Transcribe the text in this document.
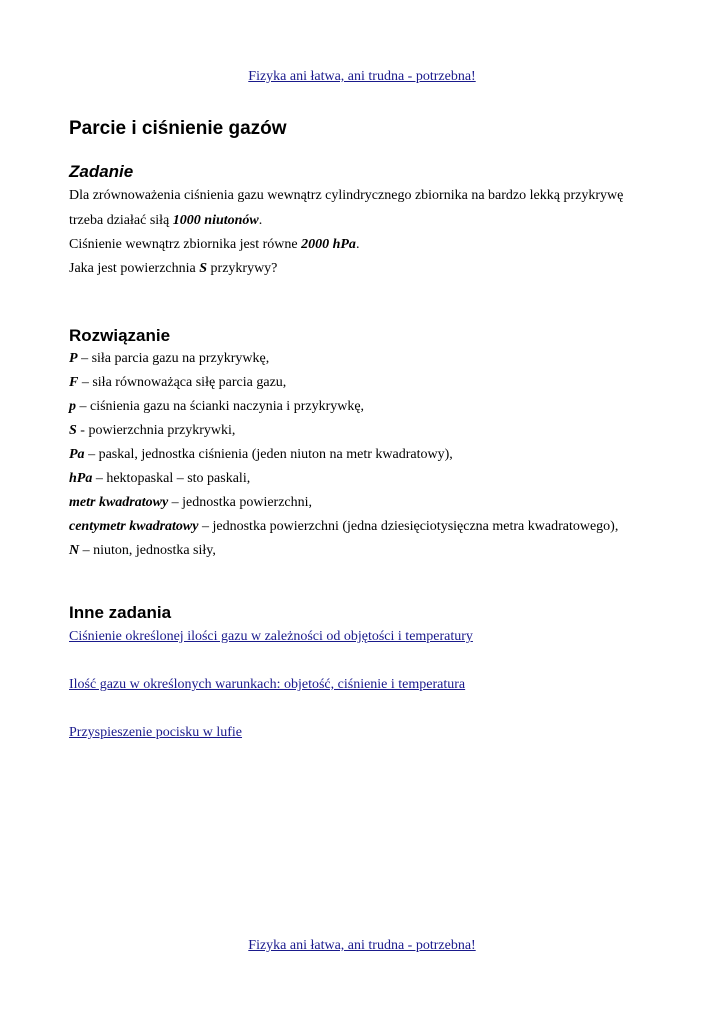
Fizyka ani łatwa, ani trudna - potrzebna!
Parcie i ciśnienie gazów
Zadanie

Dla zrównoważenia ciśnienia gazu wewnątrz cylindrycznego zbiornika na bardzo lekką przykrywę

trzeba działać siłą 1000 niutonów.

Ciśnienie wewnątrz zbiornika jest równe 2000 hPa.

Jaka jest powierzchnia S przykrywy?

Rozwiązanie

P – siła parcia gazu na przykrywkę,

F – siła równoważąca siłę parcia gazu,

p – ciśnienia gazu na ścianki naczynia i przykrywkę,

S - powierzchnia przykrywki,

Pa – paskal, jednostka ciśnienia (jeden niuton na metr kwadratowy),

hPa – hektopaskal – sto paskali,

metr kwadratowy – jednostka powierzchni,

centymetr kwadratowy – jednostka powierzchni (jedna dziesięciotysięczna metra kwadratowego),

N – niuton, jednostka siły,

Inne zadania
Ciśnienie określonej ilości gazu w zależności od objętości i temperatury
Ilość gazu w określonych warunkach: objetość, ciśnienie i temperatura
Przyspieszenie pocisku w lufie
Fizyka ani łatwa, ani trudna - potrzebna!
